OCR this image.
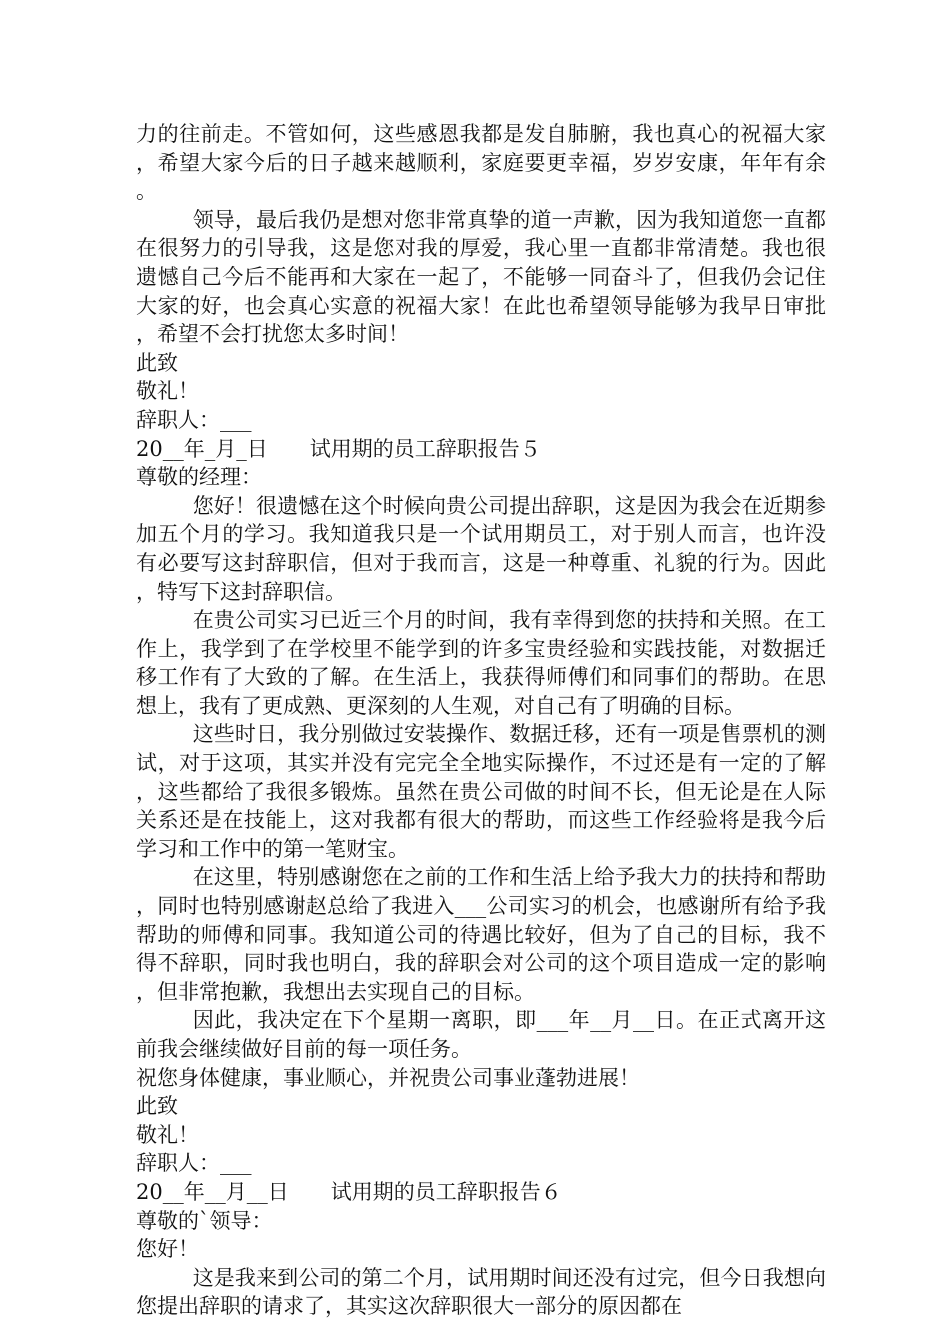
力的往前走。不管如何，这些感恩我都是发自肺腑，我也真心的祝福大家，希望大家今后的日子越来越顺利，家庭要更幸福，岁岁安康，年年有余。

领导，最后我仍是想对您非常真挚的道一声歉，因为我知道您一直都在很努力的引导我，这是您对我的厚爱，我心里一直都非常清楚。我也很遗憾自己今后不能再和大家在一起了，不能够一同奋斗了，但我仍会记住大家的好，也会真心实意的祝福大家！在此也希望领导能够为我早日审批，希望不会打扰您太多时间！

此致

敬礼！

辞职人：___

20__年_月_日　　试用期的员工辞职报告５

尊敬的经理：

您好！很遗憾在这个时候向贵公司提出辞职，这是因为我会在近期参加五个月的学习。我知道我只是一个试用期员工，对于别人而言，也许没有必要写这封辞职信，但对于我而言，这是一种尊重、礼貌的行为。因此，特写下这封辞职信。

在贵公司实习已近三个月的时间，我有幸得到您的扶持和关照。在工作上，我学到了在学校里不能学到的许多宝贵经验和实践技能，对数据迁移工作有了大致的了解。在生活上，我获得师傅们和同事们的帮助。在思想上，我有了更成熟、更深刻的人生观，对自己有了明确的目标。

这些时日，我分别做过安装操作、数据迁移，还有一项是售票机的测试，对于这项，其实并没有完完全全地实际操作，不过还是有一定的了解，这些都给了我很多锻炼。虽然在贵公司做的时间不长，但无论是在人际关系还是在技能上，这对我都有很大的帮助，而这些工作经验将是我今后学习和工作中的第一笔财宝。

在这里，特别感谢您在之前的工作和生活上给予我大力的扶持和帮助，同时也特别感谢赵总给了我进入___公司实习的机会，也感谢所有给予我帮助的师傅和同事。我知道公司的待遇比较好，但为了自己的目标，我不得不辞职，同时我也明白，我的辞职会对公司的这个项目造成一定的影响，但非常抱歉，我想出去实现自己的目标。

因此，我决定在下个星期一离职，即___年__月__日。在正式离开这前我会继续做好目前的每一项任务。

祝您身体健康，事业顺心，并祝贵公司事业蓬勃进展！

此致

敬礼！

辞职人：___

20__年__月__日　　试用期的员工辞职报告６

尊敬的`领导：

您好！

这是我来到公司的第二个月，试用期时间还没有过完，但今日我想向您提出辞职的请求了，其实这次辞职很大一部分的原因都在
